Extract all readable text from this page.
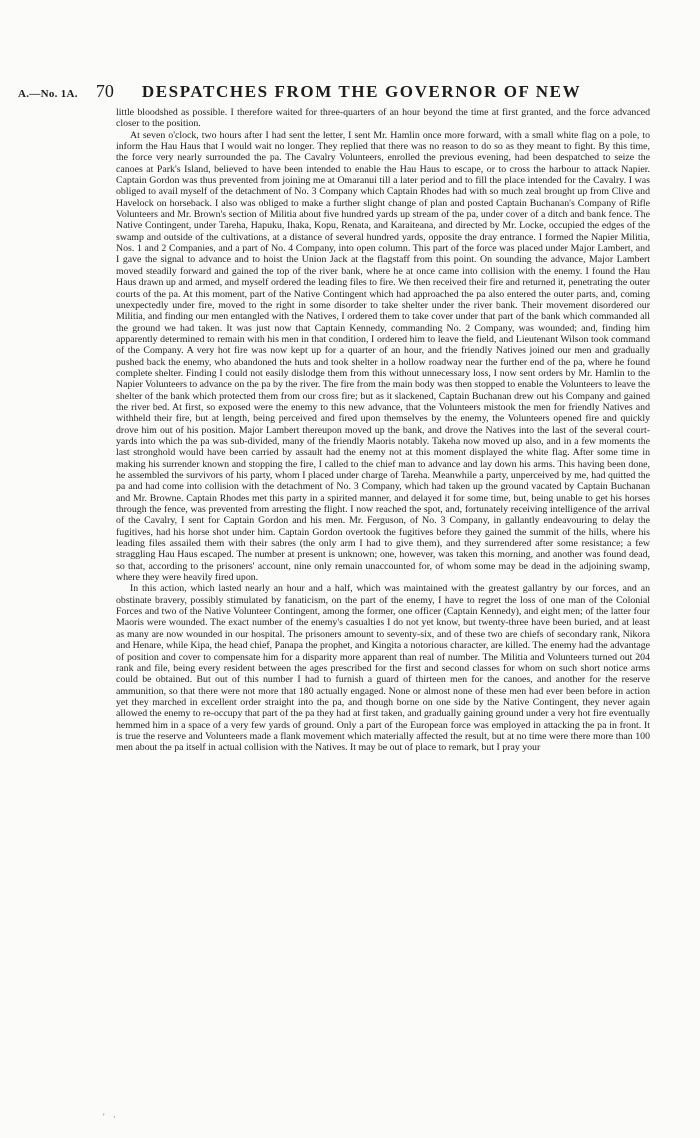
A.—No. 1A. 70 DESPATCHES FROM THE GOVERNOR OF NEW

little bloodshed as possible. I therefore waited for three-quarters of an hour beyond the time at first granted, and the force advanced closer to the position.

At seven o'clock, two hours after I had sent the letter, I sent Mr. Hamlin once more forward, with a small white flag on a pole, to inform the Hau Haus that I would wait no longer. They replied that there was no reason to do so as they meant to fight. By this time, the force very nearly surrounded the pa. The Cavalry Volunteers, enrolled the previous evening, had been despatched to seize the canoes at Park's Island, believed to have been intended to enable the Hau Haus to escape, or to cross the harbour to attack Napier. Captain Gordon was thus prevented from joining me at Omaranui till a later period and to fill the place intended for the Cavalry. I was obliged to avail myself of the detachment of No. 3 Company which Captain Rhodes had with so much zeal brought up from Clive and Havelock on horseback. I also was obliged to make a further slight change of plan and posted Captain Buchanan's Company of Rifle Volunteers and Mr. Brown's section of Militia about five hundred yards up stream of the pa, under cover of a ditch and bank fence. The Native Contingent, under Tareha, Hapuku, Ihaka, Kopu, Renata, and Karaiteana, and directed by Mr. Locke, occupied the edges of the swamp and outside of the cultivations, at a distance of several hundred yards, opposite the dray entrance. I formed the Napier Militia, Nos. 1 and 2 Companies, and a part of No. 4 Company, into open column. This part of the force was placed under Major Lambert, and I gave the signal to advance and to hoist the Union Jack at the flagstaff from this point. On sounding the advance, Major Lambert moved steadily forward and gained the top of the river bank, where he at once came into collision with the enemy. I found the Hau Haus drawn up and armed, and myself ordered the leading files to fire. We then received their fire and returned it, penetrating the outer courts of the pa. At this moment, part of the Native Contingent which had approached the pa also entered the outer parts, and, coming unexpectedly under fire, moved to the right in some disorder to take shelter under the river bank. Their movement disordered our Militia, and finding our men entangled with the Natives, I ordered them to take cover under that part of the bank which commanded all the ground we had taken. It was just now that Captain Kennedy, commanding No. 2 Company, was wounded; and, finding him apparently determined to remain with his men in that condition, I ordered him to leave the field, and Lieutenant Wilson took command of the Company. A very hot fire was now kept up for a quarter of an hour, and the friendly Natives joined our men and gradually pushed back the enemy, who abandoned the huts and took shelter in a hollow roadway near the further end of the pa, where he found complete shelter. Finding I could not easily dislodge them from this without unnecessary loss, I now sent orders by Mr. Hamlin to the Napier Volunteers to advance on the pa by the river. The fire from the main body was then stopped to enable the Volunteers to leave the shelter of the bank which protected them from our cross fire; but as it slackened, Captain Buchanan drew out his Company and gained the river bed. At first, so exposed were the enemy to this new advance, that the Volunteers mistook the men for friendly Natives and withheld their fire, but at length, being perceived and fired upon themselves by the enemy, the Volunteers opened fire and quickly drove him out of his position. Major Lambert thereupon moved up the bank, and drove the Natives into the last of the several court-yards into which the pa was sub-divided, many of the friendly Maoris notably. Takeha now moved up also, and in a few moments the last stronghold would have been carried by assault had the enemy not at this moment displayed the white flag. After some time in making his surrender known and stopping the fire, I called to the chief man to advance and lay down his arms. This having been done, he assembled the survivors of his party, whom I placed under charge of Tareha. Meanwhile a party, unperceived by me, had quitted the pa and had come into collision with the detachment of No. 3 Company, which had taken up the ground vacated by Captain Buchanan and Mr. Browne. Captain Rhodes met this party in a spirited manner, and delayed it for some time, but, being unable to get his horses through the fence, was prevented from arresting the flight. I now reached the spot, and, fortunately receiving intelligence of the arrival of the Cavalry, I sent for Captain Gordon and his men. Mr. Ferguson, of No. 3 Company, in gallantly endeavouring to delay the fugitives, had his horse shot under him. Captain Gordon overtook the fugitives before they gained the summit of the hills, where his leading files assailed them with their sabres (the only arm I had to give them), and they surrendered after some resistance; a few straggling Hau Haus escaped. The number at present is unknown; one, however, was taken this morning, and another was found dead, so that, according to the prisoners' account, nine only remain unaccounted for, of whom some may be dead in the adjoining swamp, where they were heavily fired upon.

In this action, which lasted nearly an hour and a half, which was maintained with the greatest gallantry by our forces, and an obstinate bravery, possibly stimulated by fanaticism, on the part of the enemy, I have to regret the loss of one man of the Colonial Forces and two of the Native Volunteer Contingent, among the former, one officer (Captain Kennedy), and eight men; of the latter four Maoris were wounded. The exact number of the enemy's casualties I do not yet know, but twenty-three have been buried, and at least as many are now wounded in our hospital. The prisoners amount to seventy-six, and of these two are chiefs of secondary rank, Nikora and Henare, while Kipa, the head chief, Panapa the prophet, and Kingita a notorious character, are killed. The enemy had the advantage of position and cover to compensate him for a disparity more apparent than real of number. The Militia and Volunteers turned out 204 rank and file, being every resident between the ages prescribed for the first and second classes for whom on such short notice arms could be obtained. But out of this number I had to furnish a guard of thirteen men for the canoes, and another for the reserve ammunition, so that there were not more that 180 actually engaged. None or almost none of these men had ever been before in action yet they marched in excellent order straight into the pa, and though borne on one side by the Native Contingent, they never again allowed the enemy to re-occupy that part of the pa they had at first taken, and gradually gaining ground under a very hot fire eventually hemmed him in a space of a very few yards of ground. Only a part of the European force was employed in attacking the pa in front. It is true the reserve and Volunteers made a flank movement which materially affected the result, but at no time were there more than 100 men about the pa itself in actual collision with the Natives. It may be out of place to remark, but I pray your

' ·
